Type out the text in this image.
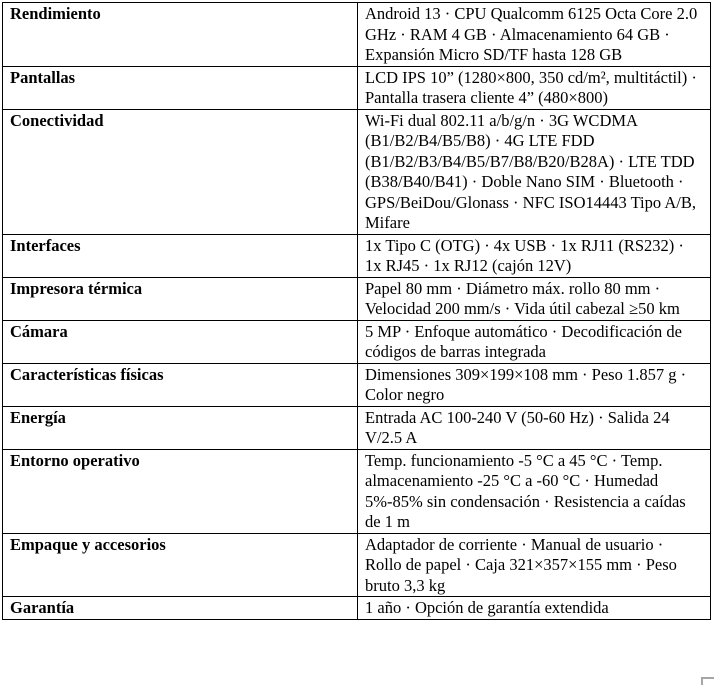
Rendimiento	Android 13 · CPU Qualcomm 6125 Octa Core 2.0 GHz · RAM 4 GB · Almacenamiento 64 GB · Expansión Micro SD/TF hasta 128 GB
Pantallas	LCD IPS 10” (1280×800, 350 cd/m², multitáctil) · Pantalla trasera cliente 4” (480×800)
Conectividad	Wi-Fi dual 802.11 a/b/g/n · 3G WCDMA (B1/B2/B4/B5/B8) · 4G LTE FDD (B1/B2/B3/B4/B5/B7/B8/B20/B28A) · LTE TDD (B38/B40/B41) · Doble Nano SIM · Bluetooth · GPS/BeiDou/Glonass · NFC ISO14443 Tipo A/B, Mifare
Interfaces	1x Tipo C (OTG) · 4x USB · 1x RJ11 (RS232) · 1x RJ45 · 1x RJ12 (cajón 12V)
Impresora térmica	Papel 80 mm · Diámetro máx. rollo 80 mm · Velocidad 200 mm/s · Vida útil cabezal ≥50 km
Cámara	5 MP · Enfoque automático · Decodificación de códigos de barras integrada
Características físicas	Dimensiones 309×199×108 mm · Peso 1.857 g · Color negro
Energía	Entrada AC 100-240 V (50-60 Hz) · Salida 24 V/2.5 A
Entorno operativo	Temp. funcionamiento -5 °C a 45 °C · Temp. almacenamiento -25 °C a -60 °C · Humedad 5%-85% sin condensación · Resistencia a caídas de 1 m
Empaque y accesorios	Adaptador de corriente · Manual de usuario · Rollo de papel · Caja 321×357×155 mm · Peso bruto 3,3 kg
Garantía	1 año · Opción de garantía extendida
